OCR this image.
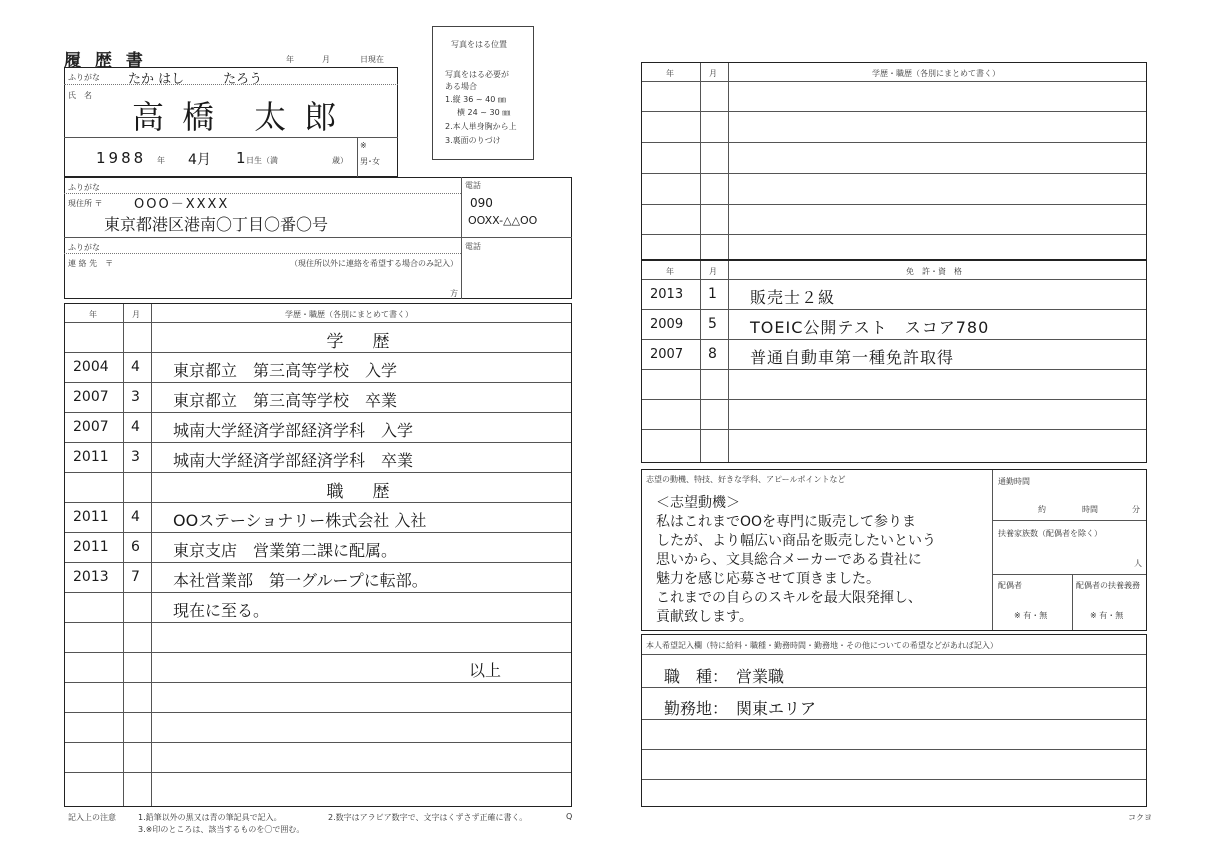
履 歴 書	年	月	日現在
写真をはる位置
写真をはる必要が
ある場合
1.縦 36 ~ 40 ㎜
横 24 ~ 30 ㎜
2.本人単身胸から上
3.裏面のりづけ
ふりがな たか はし　　　たろう
氏　名
高 橋　太 郎
1988 年 4月 1 日生（満	歳）
※
男･女
ふりがな
現住所 〒 OOO－XXXX
東京都港区港南〇丁目〇番〇号
電話
090
OOXX-△△OO
ふりがな
連 絡 先　〒	（現住所以外に連絡を希望する場合のみ記入）
電話
方
年	月	学歴・職歴（各別にまとめて書く）
学　歴
2004 4 東京都立　第三高等学校　入学
2007 3 東京都立　第三高等学校　卒業
2007 4 城南大学経済学部経済学科　入学
2011 3 城南大学経済学部経済学科　卒業
職　歴
2011 4 OOステーショナリー株式会社 入社
2011 6 東京支店　営業第二課に配属。
2013 7 本社営業部　第一グループに転部。
現在に至る。
以上
記入上の注意	1.鉛筆以外の黒又は青の筆記具で記入。	2.数字はアラビア数字で、文字はくずさず正確に書く。
3.※印のところは、該当するものを〇で囲む。
Q
年	月	学歴・職歴（各別にまとめて書く）
年	月	免　許・資　格
2013 1 販売士２級
2009 5 TOEIC公開テスト　スコア780
2007 8 普通自動車第一種免許取得
志望の動機、特技、好きな学科、アピールポイントなど
＜志望動機＞
私はこれまでOOを専門に販売して参りま
したが、より幅広い商品を販売したいという
思いから、文具総合メーカーである貴社に
魅力を感じ応募させて頂きました。
これまでの自らのスキルを最大限発揮し、
貢献致します。
通勤時間
約	時間	分
扶養家族数（配偶者を除く）
人
配偶者
※ 有・無
配偶者の扶養義務
※ 有・無
本人希望記入欄（特に給料・職種・勤務時間・勤務地・その他についての希望などがあれば記入）
職　種：　営業職
勤務地：　関東エリア
コクヨ
